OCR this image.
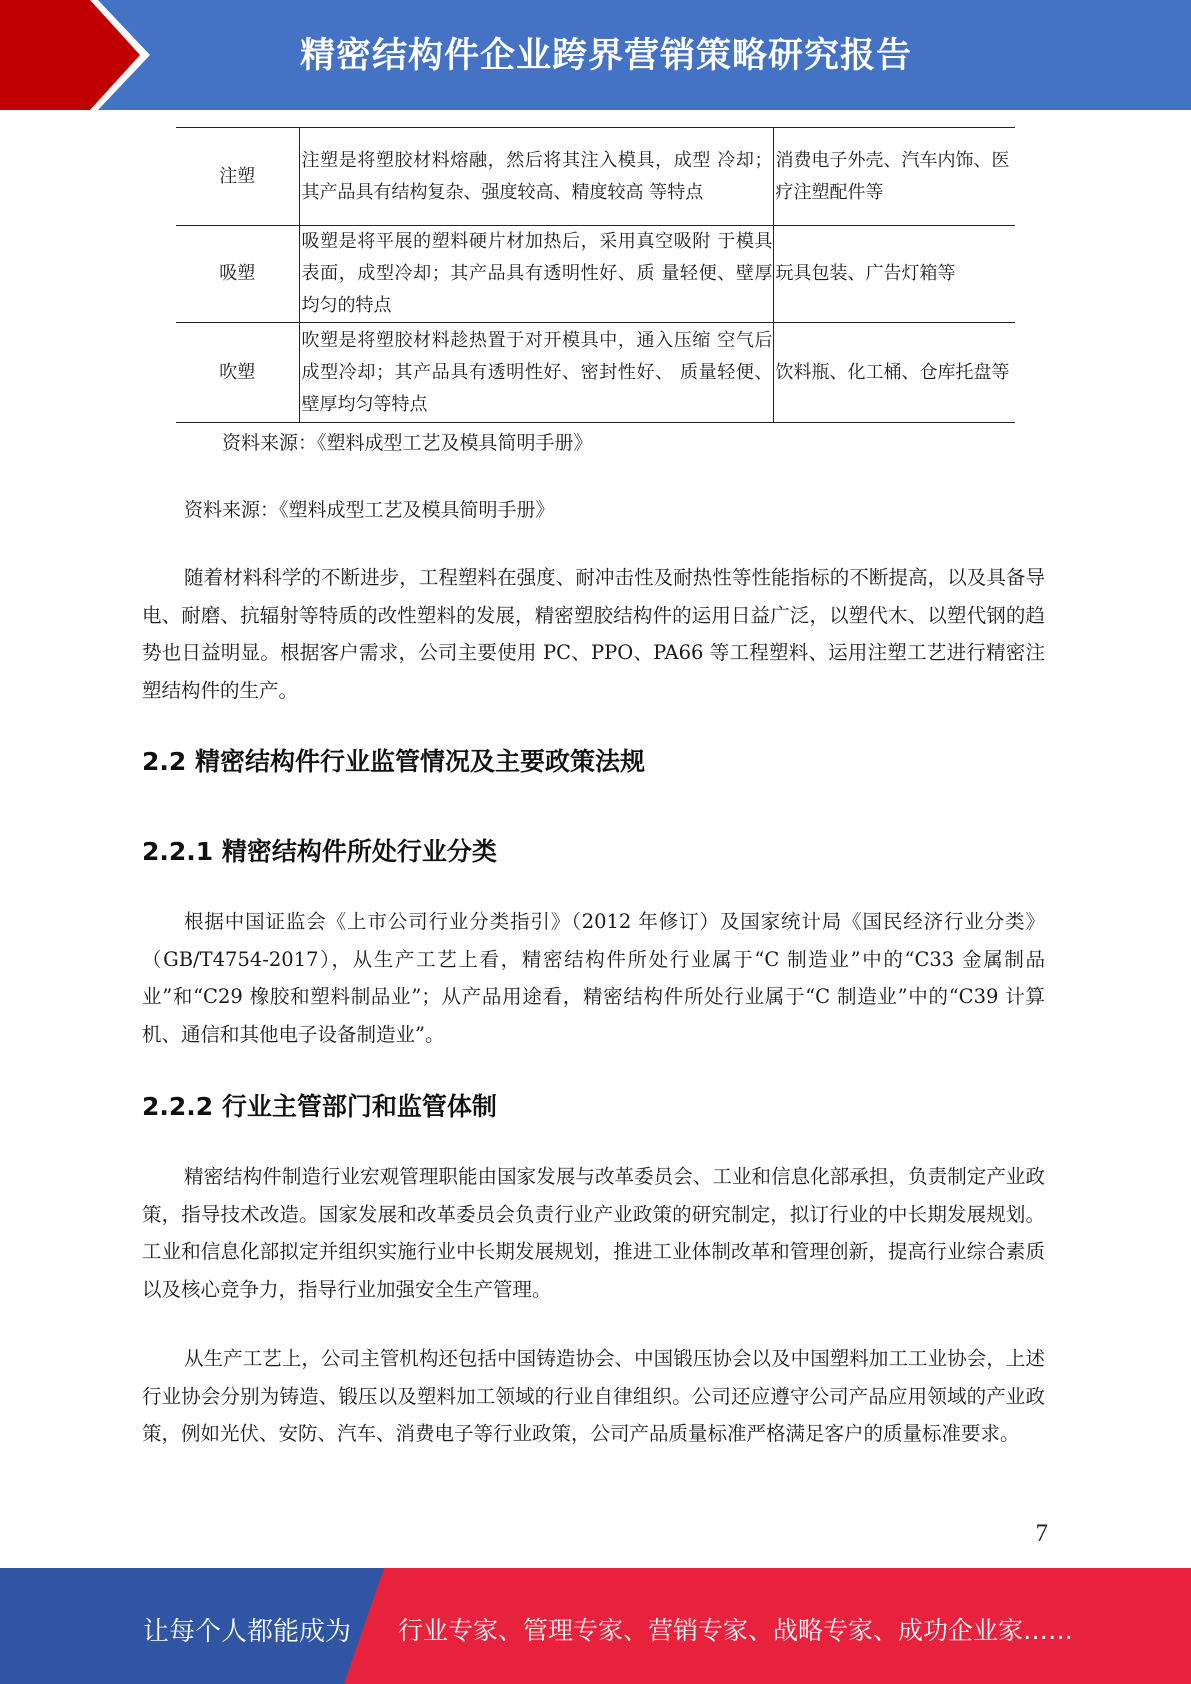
精密结构件企业跨界营销策略研究报告
注塑	注塑是将塑胶材料熔融，然后将其注入模具，成型 冷却；其产品具有结构复杂、强度较高、精度较高 等特点	消费电子外壳、汽车内饰、医疗注塑配件等
吸塑	吸塑是将平展的塑料硬片材加热后，采用真空吸附 于模具表面，成型冷却；其产品具有透明性好、质 量轻便、壁厚均匀的特点	玩具包装、广告灯箱等
吹塑	吹塑是将塑胶材料趁热置于对开模具中，通入压缩 空气后成型冷却；其产品具有透明性好、密封性好、 质量轻便、壁厚均匀等特点	饮料瓶、化工桶、仓库托盘等
资料来源：《塑料成型工艺及模具简明手册》
资料来源：《塑料成型工艺及模具简明手册》

随着材料科学的不断进步，工程塑料在强度、耐冲击性及耐热性等性能指标的不断提高，以及具备导电、耐磨、抗辐射等特质的改性塑料的发展，精密塑胶结构件的运用日益广泛，以塑代木、以塑代钢的趋势也日益明显。根据客户需求，公司主要使用 PC、PPO、PA66 等工程塑料、运用注塑工艺进行精密注塑结构件的生产。

2.2 精密结构件行业监管情况及主要政策法规
2.2.1 精密结构件所处行业分类

根据中国证监会《上市公司行业分类指引》（2012 年修订）及国家统计局《国民经济行业分类》（GB/T4754-2017），从生产工艺上看，精密结构件所处行业属于“C 制造业”中的“C33 金属制品业”和“C29 橡胶和塑料制品业”；从产品用途看，精密结构件所处行业属于“C 制造业”中的“C39 计算机、通信和其他电子设备制造业”。

2.2.2 行业主管部门和监管体制

精密结构件制造行业宏观管理职能由国家发展与改革委员会、工业和信息化部承担，负责制定产业政策，指导技术改造。国家发展和改革委员会负责行业产业政策的研究制定，拟订行业的中长期发展规划。工业和信息化部拟定并组织实施行业中长期发展规划，推进工业体制改革和管理创新，提高行业综合素质以及核心竞争力，指导行业加强安全生产管理。

从生产工艺上，公司主管机构还包括中国铸造协会、中国锻压协会以及中国塑料加工工业协会，上述行业协会分别为铸造、锻压以及塑料加工领域的行业自律组织。公司还应遵守公司产品应用领域的产业政策，例如光伏、安防、汽车、消费电子等行业政策，公司产品质量标准严格满足客户的质量标准要求。

7
让每个人都能成为 行业专家、管理专家、营销专家、战略专家、成功企业家……
